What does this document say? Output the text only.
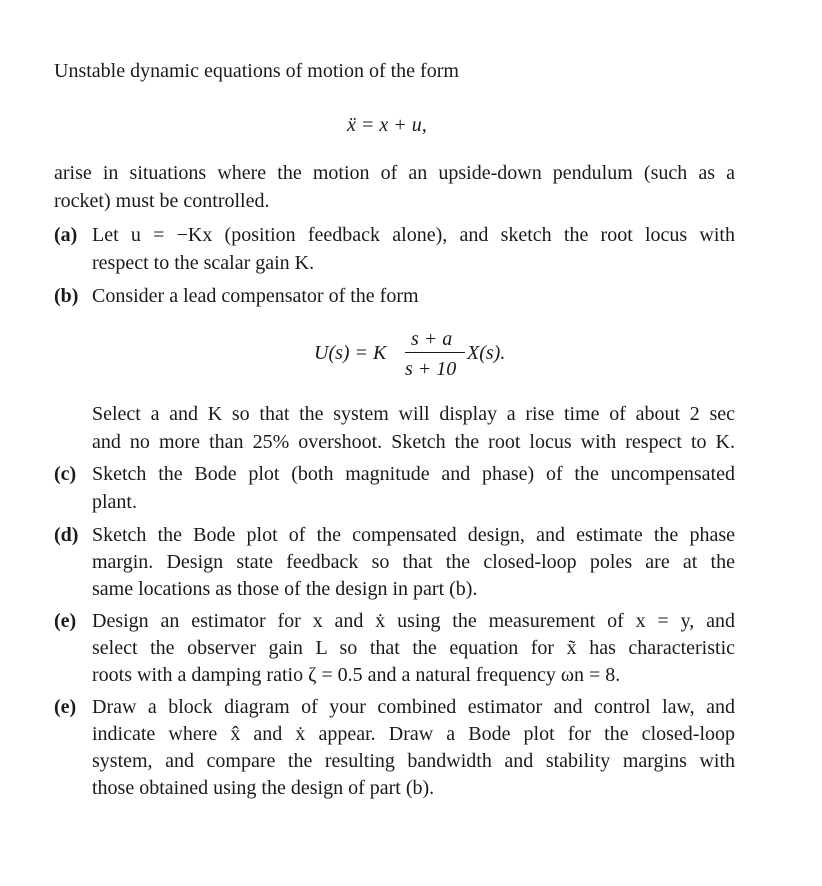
Unstable dynamic equations of motion of the form
ẍ = x + u,
arise in situations where the motion of an upside-down pendulum (such as a
rocket) must be controlled.
(a) Let u = −Kx (position feedback alone), and sketch the root locus with
respect to the scalar gain K.
(b) Consider a lead compensator of the form
U(s) = K
s + a
s + 10
X(s).
Select a and K so that the system will display a rise time of about 2 sec
and no more than 25% overshoot. Sketch the root locus with respect to K.
(c) Sketch the Bode plot (both magnitude and phase) of the uncompensated
plant.
(d) Sketch the Bode plot of the compensated design, and estimate the phase
margin. Design state feedback so that the closed-loop poles are at the
same locations as those of the design in part (b).
(e) Design an estimator for x and ẋ using the measurement of x = y, and
select the observer gain L so that the equation for x̃ has characteristic
roots with a damping ratio ζ = 0.5 and a natural frequency ωn = 8.
(e) Draw a block diagram of your combined estimator and control law, and
indicate where x̂ and ẋ appear. Draw a Bode plot for the closed-loop
system, and compare the resulting bandwidth and stability margins with
those obtained using the design of part (b).
